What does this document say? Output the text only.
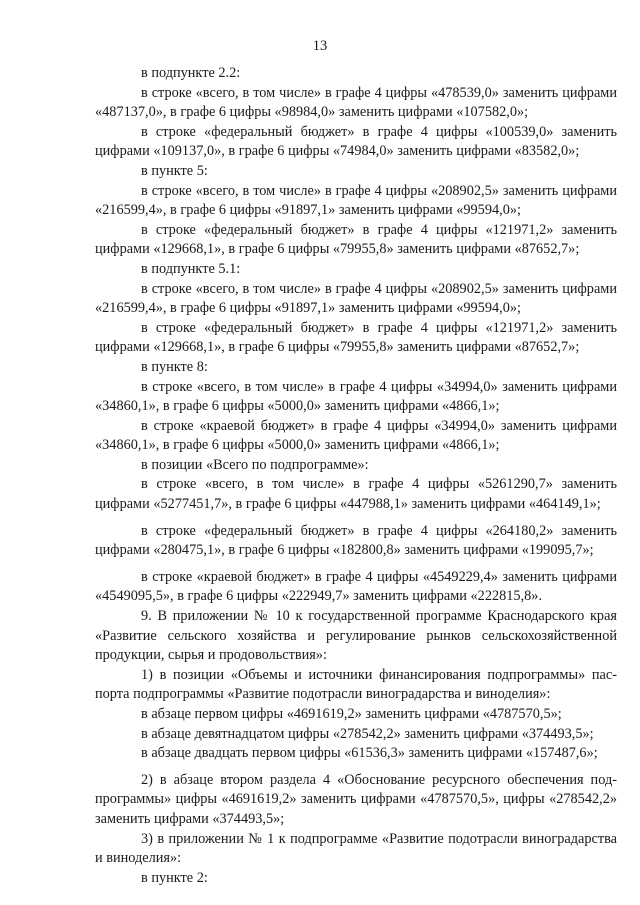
13

в подпункте 2.2:

в строке «всего, в том числе» в графе 4 цифры «478539,0» заменить цифрами «487137,0», в графе 6 цифры «98984,0» заменить цифрами «107582,0»;

в строке «федеральный бюджет» в графе 4 цифры «100539,0» заменить цифрами «109137,0», в графе 6 цифры «74984,0» заменить цифрами «83582,0»;

в пункте 5:

в строке «всего, в том числе» в графе 4 цифры «208902,5» заменить цифрами «216599,4», в графе 6 цифры «91897,1» заменить цифрами «99594,0»;

в строке «федеральный бюджет» в графе 4 цифры «121971,2» заменить цифрами «129668,1», в графе 6 цифры «79955,8» заменить цифрами «87652,7»;

в подпункте 5.1:

в строке «всего, в том числе» в графе 4 цифры «208902,5» заменить цифрами «216599,4», в графе 6 цифры «91897,1» заменить цифрами «99594,0»;

в строке «федеральный бюджет» в графе 4 цифры «121971,2» заменить цифрами «129668,1», в графе 6 цифры «79955,8» заменить цифрами «87652,7»;

в пункте 8:

в строке «всего, в том числе» в графе 4 цифры «34994,0» заменить цифрами «34860,1», в графе 6 цифры «5000,0» заменить цифрами «4866,1»;

в строке «краевой бюджет» в графе 4 цифры «34994,0» заменить цифрами «34860,1», в графе 6 цифры «5000,0» заменить цифрами «4866,1»;

в позиции «Всего по подпрограмме»:

в строке «всего, в том числе» в графе 4 цифры «5261290,7» заменить цифрами «5277451,7», в графе 6 цифры «447988,1» заменить цифрами «464149,1»;

в строке «федеральный бюджет» в графе 4 цифры «264180,2» заменить цифрами «280475,1», в графе 6 цифры «182800,8» заменить цифрами «199095,7»;

в строке «краевой бюджет» в графе 4 цифры «4549229,4» заменить цифрами «4549095,5», в графе 6 цифры «222949,7» заменить цифрами «222815,8».

9. В приложении № 10 к государственной программе Краснодарского края «Развитие сельского хозяйства и регулирование рынков сельскохозяйственной продукции, сырья и продовольствия»:

1) в позиции «Объемы и источники финансирования подпрограммы» паспорта подпрограммы «Развитие подотрасли виноградарства и виноделия»:

в абзаце первом цифры «4691619,2» заменить цифрами «4787570,5»;

в абзаце девятнадцатом цифры «278542,2» заменить цифрами «374493,5»;

в абзаце двадцать первом цифры «61536,3» заменить цифрами «157487,6»;

2) в абзаце втором раздела 4 «Обоснование ресурсного обеспечения подпрограммы» цифры «4691619,2» заменить цифрами «4787570,5», цифры «278542,2» заменить цифрами «374493,5»;

3) в приложении № 1 к подпрограмме «Развитие подотрасли виноградарства и виноделия»:

в пункте 2:
